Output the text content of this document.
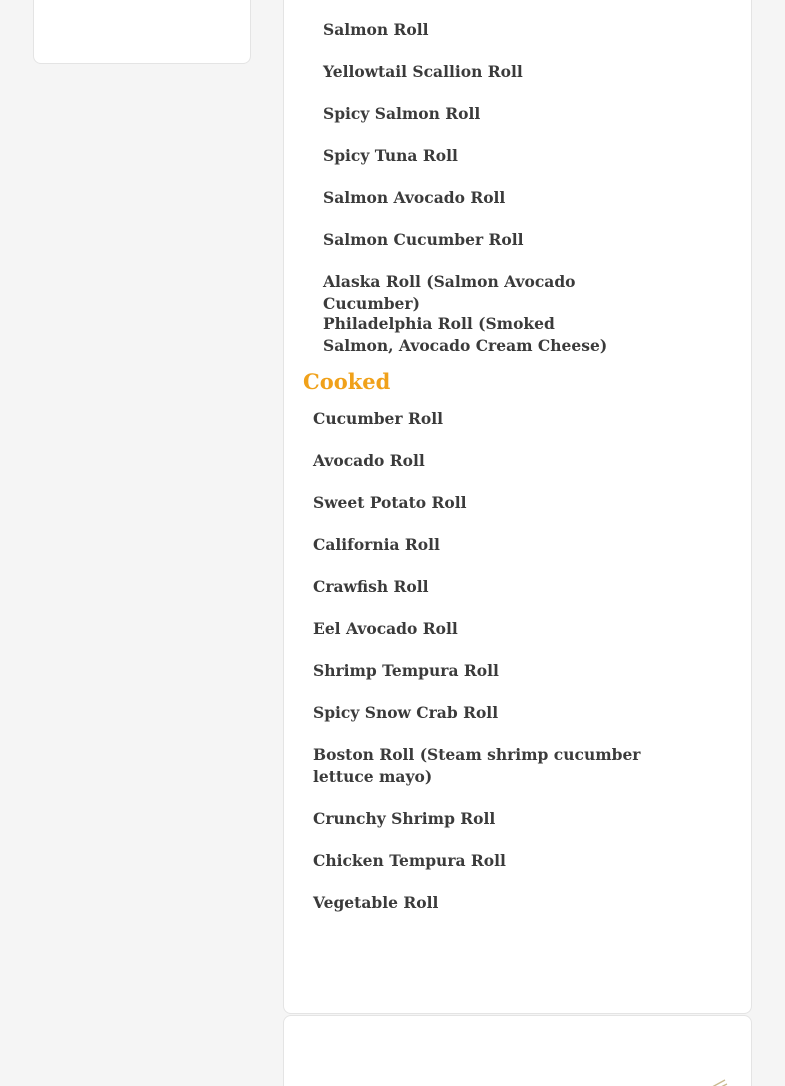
Salmon Roll
Yellowtail Scallion Roll
Spicy Salmon Roll
Spicy Tuna Roll
Salmon Avocado Roll
Salmon Cucumber Roll
Alaska Roll (Salmon Avocado Cucumber)
Philadelphia Roll (Smoked Salmon, Avocado Cream Cheese)
Cooked
Cucumber Roll
Avocado Roll
Sweet Potato Roll
California Roll
Crawfish Roll
Eel Avocado Roll
Shrimp Tempura Roll
Spicy Snow Crab Roll
Boston Roll (Steam shrimp cucumber lettuce mayo)
Crunchy Shrimp Roll
Chicken Tempura Roll
Vegetable Roll
